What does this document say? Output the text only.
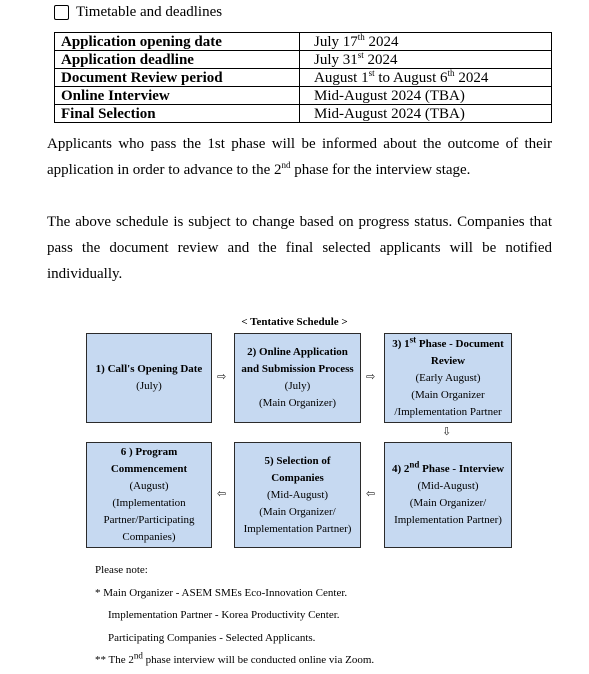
Timetable and deadlines
Application opening date	July 17th 2024
Application deadline	July 31st 2024
Document Review period	August 1st to August 6th 2024
Online Interview	Mid-August 2024 (TBA)
Final Selection	Mid-August 2024 (TBA)
Applicants who pass the 1st phase will be informed about the outcome of their application in order to advance to the 2nd phase for the interview stage.
The above schedule is subject to change based on progress status. Companies that pass the document review and the final selected applicants will be notified individually.
< Tentative Schedule >
1) Call's Opening Date
(July)
⇨
2) Online Application and Submission Process
(July)
(Main Organizer)
⇨
3) 1st Phase - Document Review
(Early August)
(Main Organizer
/Implementation Partner
⇩
6 ) Program Commencement
(August)
(Implementation
Partner/Participating
Companies)
⇦
5) Selection of Companies
(Mid-August)
(Main Organizer/
Implementation Partner)
⇦
4) 2nd Phase - Interview
(Mid-August)
(Main Organizer/
Implementation Partner)
Please note:
* Main Organizer - ASEM SMEs Eco-Innovation Center.
Implementation Partner - Korea Productivity Center.
Participating Companies - Selected Applicants.
** The 2nd phase interview will be conducted online via Zoom.
